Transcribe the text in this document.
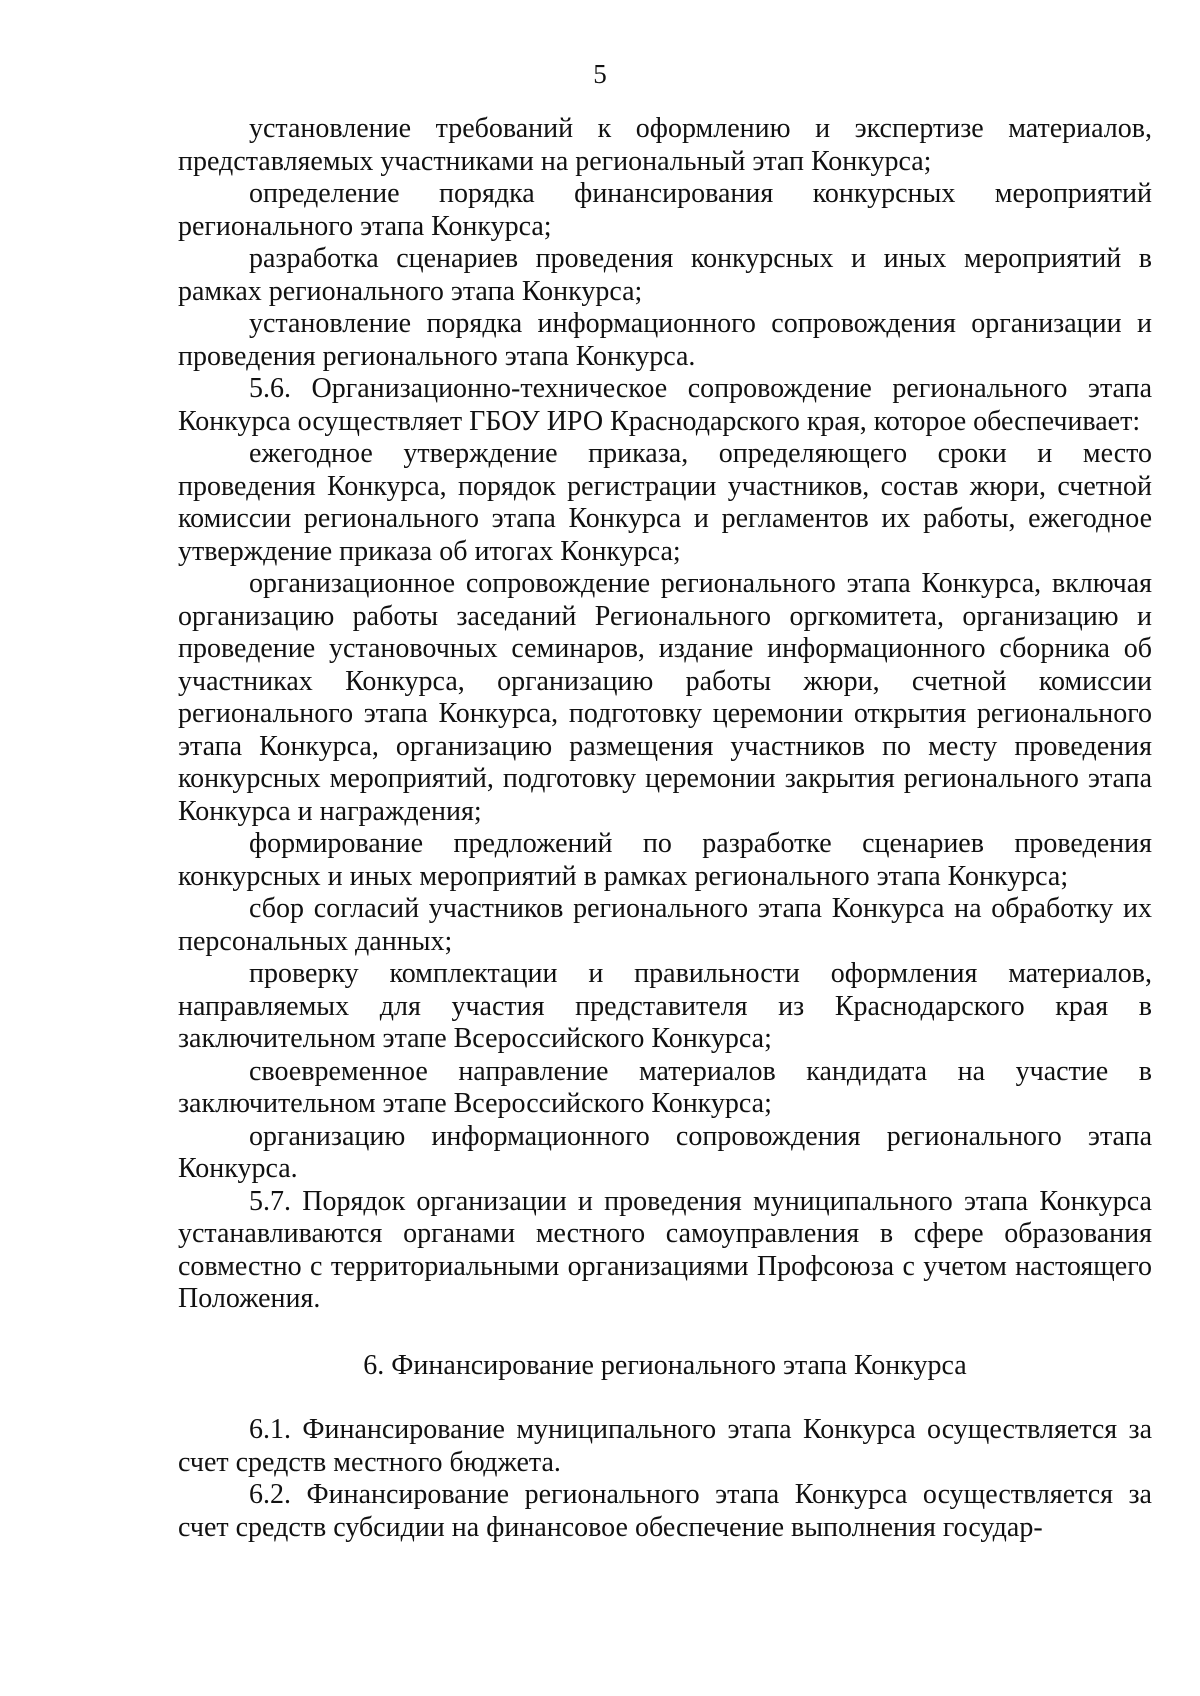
5

установление требований к оформлению и экспертизе материалов, представляемых участниками на региональный этап Конкурса;

определение порядка финансирования конкурсных мероприятий регионального этапа Конкурса;

разработка сценариев проведения конкурсных и иных мероприятий в рамках регионального этапа Конкурса;

установление порядка информационного сопровождения организации и проведения регионального этапа Конкурса.

5.6. Организационно-техническое сопровождение регионального этапа Конкурса осуществляет ГБОУ ИРО Краснодарского края, которое обеспечивает:

ежегодное утверждение приказа, определяющего сроки и место проведения Конкурса, порядок регистрации участников, состав жюри, счетной комиссии регионального этапа Конкурса и регламентов их работы, ежегодное утверждение приказа об итогах Конкурса;

организационное сопровождение регионального этапа Конкурса, включая организацию работы заседаний Регионального оргкомитета, организацию и проведение установочных семинаров, издание информационного сборника об участниках Конкурса, организацию работы жюри, счетной комиссии регионального этапа Конкурса, подготовку церемонии открытия регионального этапа Конкурса, организацию размещения участников по месту проведения конкурсных мероприятий, подготовку церемонии закрытия регионального этапа Конкурса и награждения;

формирование предложений по разработке сценариев проведения конкурсных и иных мероприятий в рамках регионального этапа Конкурса;

сбор согласий участников регионального этапа Конкурса на обработку их персональных данных;

проверку комплектации и правильности оформления материалов, направляемых для участия представителя из Краснодарского края в заключительном этапе Всероссийского Конкурса;

своевременное направление материалов кандидата на участие в заключительном этапе Всероссийского Конкурса;

организацию информационного сопровождения регионального этапа Конкурса.

5.7. Порядок организации и проведения муниципального этапа Конкурса устанавливаются органами местного самоуправления в сфере образования совместно с территориальными организациями Профсоюза с учетом настоящего Положения.

6. Финансирование регионального этапа Конкурса

6.1. Финансирование муниципального этапа Конкурса осуществляется за счет средств местного бюджета.

6.2. Финансирование регионального этапа Конкурса осуществляется за счет средств субсидии на финансовое обеспечение выполнения государ-
